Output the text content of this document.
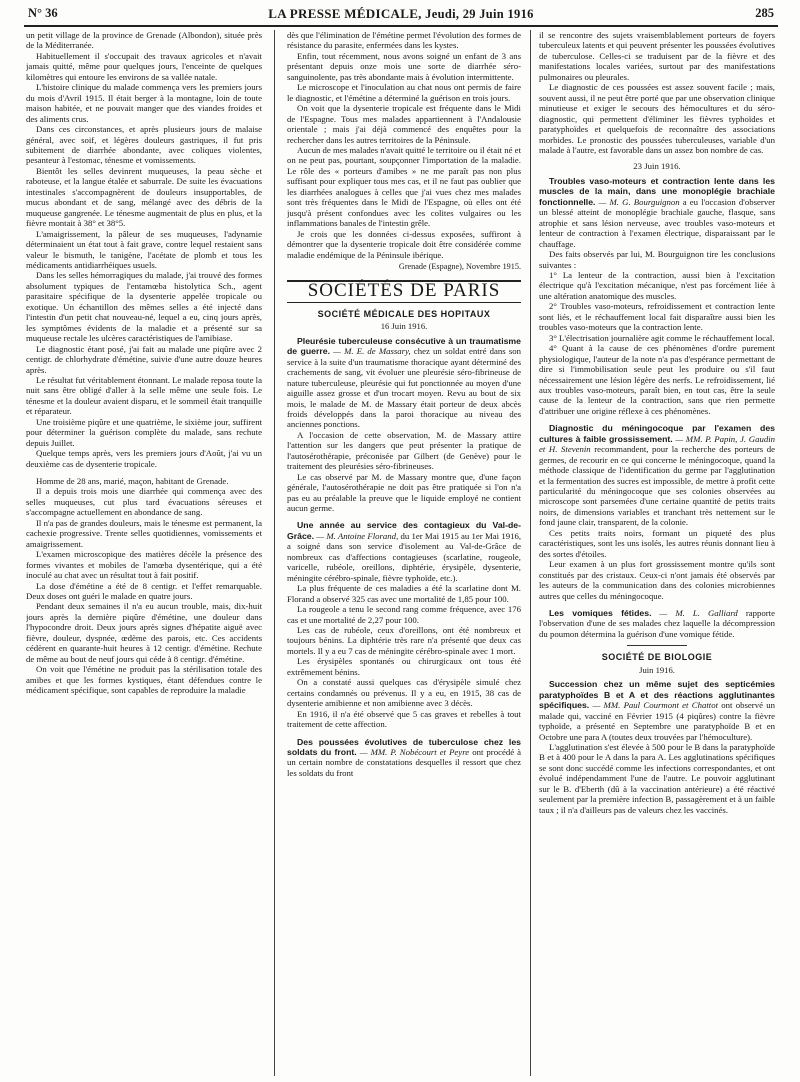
N° 36	LA PRESSE MÉDICALE, Jeudi, 29 Juin 1916	285

un petit village de la province de Grenade (Albondon), située près de la Méditerranée.

Habituellement il s'occupait des travaux agricoles et n'avait jamais quitté, même pour quelques jours, l'enceinte de quelques kilomètres qui entoure les environs de sa vallée natale.

L'histoire clinique du malade commença vers les premiers jours du mois d'Avril 1915. Il était berger à la montagne, loin de toute maison habitée, et ne pouvait manger que des viandes froides et des aliments crus.

Dans ces circonstances, et après plusieurs jours de malaise général, avec soif, et légères douleurs gastriques, il fut pris subitement de diarrhée abondante, avec coliques violentes, pesanteur à l'estomac, ténesme et vomissements.

Bientôt les selles devinrent muqueuses, la peau sèche et raboteuse, et la langue étalée et saburrale. De suite les évacuations intestinales s'accompagnèrent de douleurs insupportables, de mucus abondant et de sang, mélangé avec des débris de la muqueuse gangrenée. Le ténesme augmentait de plus en plus, et la fièvre montait à 38° et 38°5.

L'amaigrissement, la pâleur de ses muqueuses, l'adynamie déterminaient un état tout à fait grave, contre lequel restaient sans valeur le bismuth, le tanigène, l'acétate de plomb et tous les médicaments antidiarrhéiques usuels.

Dans les selles hémorragiques du malade, j'ai trouvé des formes absolument typiques de l'entamœba histolytica Sch., agent parasitaire spécifique de la dysenterie appelée tropicale ou exotique. Un échantillon des mêmes selles a été injecté dans l'intestin d'un petit chat nouveau-né, lequel a eu, cinq jours après, les symptômes évidents de la maladie et a présenté sur sa muqueuse rectale les ulcères caractéristiques de l'amibiase.

Le diagnostic étant posé, j'ai fait au malade une piqûre avec 2 centigr. de chlorhydrate d'émétine, suivie d'une autre douze heures après.

Le résultat fut véritablement étonnant. Le malade reposa toute la nuit sans être obligé d'aller à la selle même une seule fois. Le ténesme et la douleur avaient disparu, et le sommeil était tranquille et réparateur.

Une troisième piqûre et une quatrième, le sixième jour, suffirent pour déterminer la guérison complète du malade, sans rechute depuis Juillet.

Quelque temps après, vers les premiers jours d'Août, j'ai vu un deuxième cas de dysenterie tropicale.

Homme de 28 ans, marié, maçon, habitant de Grenade.

Il a depuis trois mois une diarrhée qui commença avec des selles muqueuses, cut plus tard évacuations séreuses et s'accompagne actuellement en abondance de sang.

Il n'a pas de grandes douleurs, mais le ténesme est permanent, la cachexie progressive. Trente selles quotidiennes, vomissements et amaigrissement.

L'examen microscopique des matières décèle la présence des formes vivantes et mobiles de l'amœba dysentérique, qui a été inoculé au chat avec un résultat tout à fait positif.

La dose d'émétine a été de 8 centigr. et l'effet remarquable. Deux doses ont guéri le malade en quatre jours.

Pendant deux semaines il n'a eu aucun trouble, mais, dix-huit jours après la dernière piqûre d'émétine, une douleur dans l'hypocondre droit. Deux jours après signes d'hépatite aiguë avec fièvre, douleur, dyspnée, œdème des parois, etc. Ces accidents cédèrent en quarante-huit heures à 12 centigr. d'émétine. Rechute de même au bout de neuf jours qui céde à 8 centigr. d'émétine.

On voit que l'émétine ne produit pas la stérilisation totale des amibes et que les formes kystiques, étant défendues contre le médicament spécifique, sont capables de reproduire la maladie

dès que l'élimination de l'émétine permet l'évolution des formes de résistance du parasite, enfermées dans les kystes.

Enfin, tout récemment, nous avons soigné un enfant de 3 ans présentant depuis onze mois une sorte de diarrhée séro-sanguinolente, pas très abondante mais à évolution intermittente.

Le microscope et l'inoculation au chat nous ont permis de faire le diagnostic, et l'émétine a déterminé la guérison en trois jours.

On voit que la dysenterie tropicale est fréquente dans le Midi de l'Espagne. Tous mes malades appartiennent à l'Andalousie orientale ; mais j'ai déjà commencé des enquêtes pour la rechercher dans les autres territoires de la Péninsule.

Aucun de mes malades n'avait quitté le territoire ou il était né et on ne peut pas, pourtant, soupçonner l'importation de la maladie. Le rôle des « porteurs d'amibes » ne me paraît pas non plus suffisant pour expliquer tous mes cas, et il ne faut pas oublier que les diarrhées analogues à celles que j'ai vues chez mes malades sont très fréquentes dans le Midi de l'Espagne, où elles ont été jusqu'à présent confondues avec les colites vulgaires ou les inflammations banales de l'intestin grêle.

Je crois que les données ci-dessus exposées, suffiront à démontrer que la dysenterie tropicale doit être considérée comme maladie endémique de la Péninsule ibérique.

Grenade (Espagne), Novembre 1915.

SOCIÉTÉS DE PARIS
SOCIÉTÉ MÉDICALE DES HOPITAUX
16 Juin 1916.

Pleurésie tuberculeuse consécutive à un traumatisme de guerre. — M. E. de Massary, chez un soldat entré dans son service à la suite d'un traumatisme thoracique ayant déterminé des crachements de sang, vit évoluer une pleurésie séro-fibrineuse de nature tuberculeuse, pleurésie qui fut ponctionnée au moyen d'une aiguille assez grosse et d'un trocart moyen. Revu au bout de six mois, le malade de M. de Massary était porteur de deux abcès froids développés dans la paroi thoracique au niveau des anciennes ponctions.

A l'occasion de cette observation, M. de Massary attire l'attention sur les dangers que peut présenter la pratique de l'autosérothérapie, préconisée par Gilbert (de Genève) pour le traitement des pleurésies séro-fibrineuses.

Le cas observé par M. de Massary montre que, d'une façon générale, l'autosérothérapie ne doit pas être pratiquée si l'on n'a pas eu au préalable la preuve que le liquide employé ne contient aucun germe.

Une année au service des contagieux du Val-de-Grâce. — M. Antoine Florand, du 1er Mai 1915 au 1er Mai 1916, a soigné dans son service d'isolement au Val-de-Grâce de nombreux cas d'affections contagieuses (scarlatine, rougeole, varicelle, rubéole, oreillons, diphtérie, érysipèle, dysenterie, méningite cérébro-spinale, fièvre typhoïde, etc.).

La plus fréquente de ces maladies a été la scarlatine dont M. Florand a observé 325 cas avec une mortalité de 1,85 pour 100.

La rougeole a tenu le second rang comme fréquence, avec 176 cas et une mortalité de 2,27 pour 100.

Les cas de rubéole, ceux d'oreillons, ont été nombreux et toujours bénins. La diphtérie très rare n'a présenté que deux cas mortels. Il y a eu 7 cas de méningite cérébro-spinale avec 1 mort.

Les érysipèles spontanés ou chirurgicaux ont tous été extrêmement bénins.

On a constaté aussi quelques cas d'érysipèle simulé chez certains condamnés ou prévenus. Il y a eu, en 1915, 38 cas de dysenterie amibienne et non amibienne avec 3 décès.

En 1916, il n'a été observé que 5 cas graves et rebelles à tout traitement de cette affection.

Des poussées évolutives de tuberculose chez les soldats du front. — MM. P. Nobécourt et Peyre ont procédé à un certain nombre de constatations desquelles il ressort que chez les soldats du front

il se rencontre des sujets vraisemblablement porteurs de foyers tuberculeux latents et qui peuvent présenter les poussées évolutives de tuberculose. Celles-ci se traduisent par de la fièvre et des manifestations locales variées, surtout par des manifestations pulmonaires ou pleurales.

Le diagnostic de ces poussées est assez souvent facile ; mais, souvent aussi, il ne peut être porté que par une observation clinique minutieuse et exiger le secours des hémocultures et du séro-diagnostic, qui permettent d'éliminer les fièvres typhoïdes et paratyphoïdes et quelquefois de reconnaître des associations morbides. Le pronostic des poussées tuberculeuses, variable d'un malade à l'autre, est favorable dans un assez bon nombre de cas.

23 Juin 1916.

Troubles vaso-moteurs et contraction lente dans les muscles de la main, dans une monoplégie brachiale fonctionnelle. — M. G. Bourguignon a eu l'occasion d'observer un blessé atteint de monoplégie brachiale gauche, flasque, sans atrophie et sans lésion nerveuse, avec troubles vaso-moteurs et lenteur de contraction à l'examen électrique, disparaissant par le chauffage.

Des faits observés par lui, M. Bourguignon tire les conclusions suivantes :

1° La lenteur de la contraction, aussi bien à l'excitation électrique qu'à l'excitation mécanique, n'est pas forcément liée à une altération anatomique des muscles.

2° Troubles vaso-moteurs, refroidissement et contraction lente sont liés, et le réchauffement local fait disparaître aussi bien les troubles vaso-moteurs que la contraction lente.

3° L'électrisation journalière agit comme le réchauffement local.

4° Quant à la cause de ces phénomènes d'ordre purement physiologique, l'auteur de la note n'a pas d'espérance permettant de dire si l'immobilisation seule peut les produire ou s'il faut nécessairement une lésion légère des nerfs. Le refroidissement, lié aux troubles vaso-moteurs, paraît bien, en tout cas, être la seule cause de la lenteur de la contraction, sans que rien permette d'attribuer une origine réflexe à ces phénomènes.

Diagnostic du méningocoque par l'examen des cultures à faible grossissement. — MM. P. Papin, J. Gaudin et H. Stevenin recommandent, pour la recherche des porteurs de germes, de recourir en ce qui concerne le méningocoque, quand la méthode classique de l'identification du germe par l'agglutination et la fermentation des sucres est impossible, de mettre à profit cette particularité du méningocoque que ses colonies observées au microscope sont parsemées d'une certaine quantité de petits traits noirs, de dimensions variables et tranchant très nettement sur le fond jaune clair, transparent, de la colonie.

Ces petits traits noirs, formant un piqueté des plus caractéristiques, sont les uns isolés, les autres réunis donnant lieu à des sortes d'étoiles.

Leur examen à un plus fort grossissement montre qu'ils sont constitués par des cristaux. Ceux-ci n'ont jamais été observés par les auteurs de la communication dans des colonies microbiennes autres que celles du méningocoque.

Les vomiques fétides. — M. L. Galliard rapporte l'observation d'une de ses malades chez laquelle la décompression du poumon détermina la guérison d'une vomique fétide.

SOCIÉTÉ DE BIOLOGIE
Juin 1916.

Succession chez un même sujet des septicémies paratyphoïdes B et A et des réactions agglutinantes spécifiques. — MM. Paul Courmont et Chattot ont observé un malade qui, vacciné en Février 1915 (4 piqûres) contre la fièvre typhoïde, a présenté en Septembre une paratyphoïde B et en Octobre une para A (toutes deux trouvées par l'hémoculture).

L'agglutination s'est élevée à 500 pour le B dans la paratyphoïde B et à 400 pour le A dans la para A. Les agglutinations spécifiques se sont donc succédé comme les infections correspondantes, et ont évolué indépendamment l'une de l'autre. Le pouvoir agglutinant sur le B. d'Eberth (dû à la vaccination antérieure) a été réactivé seulement par la première infection B, passagèrement et à un faible taux ; il n'a d'ailleurs pas de valeurs chez les vaccinés.
